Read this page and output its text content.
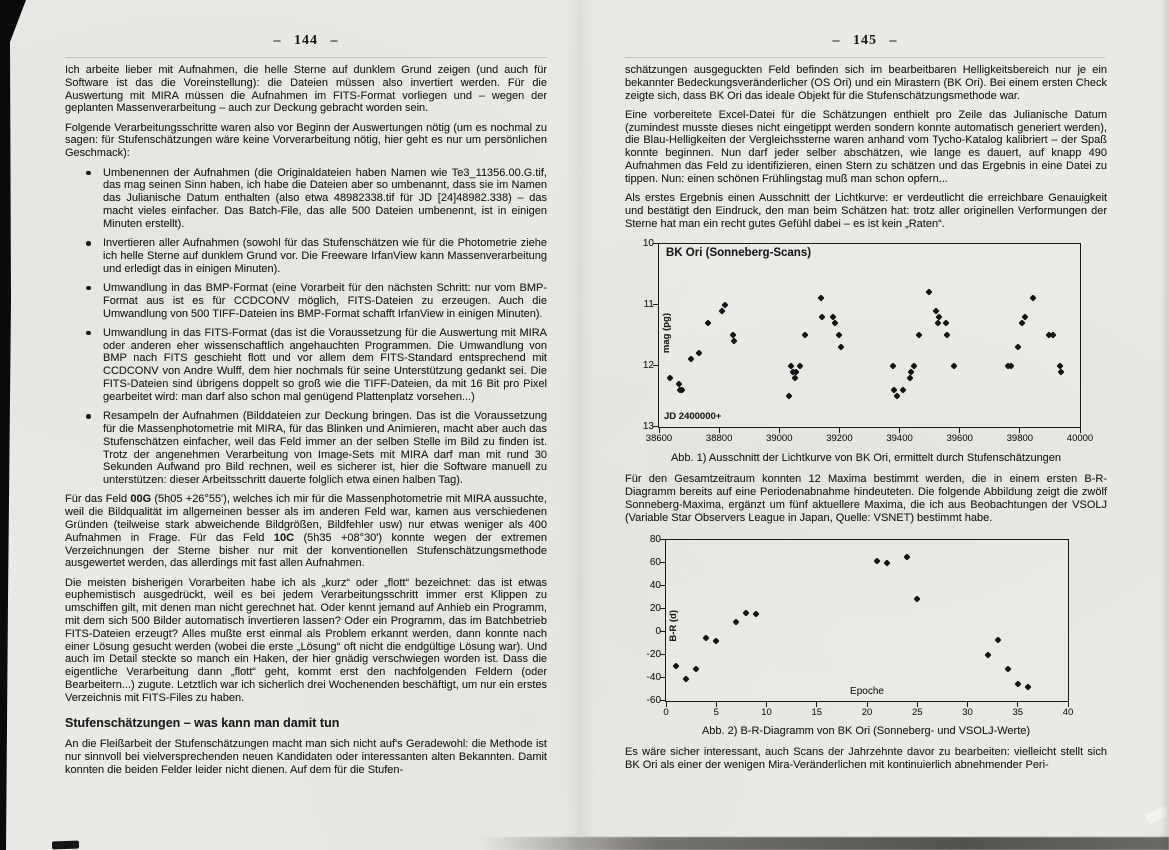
– 144 –	– 145 –
Ich arbeite lieber mit Aufnahmen, die helle Sterne auf dunklem Grund zeigen (und auch für Software ist das die Voreinstellung): die Dateien müssen also invertiert werden. Für die Auswertung mit MIRA müssen die Aufnahmen im FITS-Format vorliegen und – wegen der geplanten Massenverarbeitung – auch zur Deckung gebracht worden sein.
Folgende Verarbeitungsschritte waren also vor Beginn der Auswertungen nötig (um es nochmal zu sagen: für Stufenschätzungen wäre keine Vorverarbeitung nötig, hier geht es nur um persönlichen Geschmack):
Umbenennen der Aufnahmen (die Originaldateien haben Namen wie Te3_11356.00.G.tif, das mag seinen Sinn haben, ich habe die Dateien aber so umbenannt, dass sie im Namen das Julianische Datum enthalten (also etwa 48982338.tif für JD [24]48982.338) – das macht vieles einfacher. Das Batch-File, das alle 500 Dateien umbenennt, ist in einigen Minuten erstellt).
Invertieren aller Aufnahmen (sowohl für das Stufenschätzen wie für die Photometrie ziehe ich helle Sterne auf dunklem Grund vor. Die Freeware IrfanView kann Massenverarbeitung und erledigt das in einigen Minuten).
Umwandlung in das BMP-Format (eine Vorarbeit für den nächsten Schritt: nur vom BMP-Format aus ist es für CCDCONV möglich, FITS-Dateien zu erzeugen. Auch die Umwandlung von 500 TIFF-Dateien ins BMP-Format schafft IrfanView in einigen Minuten).
Umwandlung in das FITS-Format (das ist die Voraussetzung für die Auswertung mit MIRA oder anderen eher wissenschaftlich angehauchten Programmen. Die Umwandlung von BMP nach FITS geschieht flott und vor allem dem FITS-Standard entsprechend mit CCDCONV von Andre Wulff, dem hier nochmals für seine Unterstützung gedankt sei. Die FITS-Dateien sind übrigens doppelt so groß wie die TIFF-Dateien, da mit 16 Bit pro Pixel gearbeitet wird: man darf also schon mal genügend Plattenplatz vorsehen...)
Resampeln der Aufnahmen (Bilddateien zur Deckung bringen. Das ist die Voraussetzung für die Massenphotometrie mit MIRA, für das Blinken und Animieren, macht aber auch das Stufenschätzen einfacher, weil das Feld immer an der selben Stelle im Bild zu finden ist. Trotz der angenehmen Verarbeitung von Image-Sets mit MIRA darf man mit rund 30 Sekunden Aufwand pro Bild rechnen, weil es sicherer ist, hier die Software manuell zu unterstützen: dieser Arbeitsschritt dauerte folglich etwa einen halben Tag).
Für das Feld 00G (5h05 +26°55'), welches ich mir für die Massenphotometrie mit MIRA aussuchte, weil die Bildqualität im allgemeinen besser als im anderen Feld war, kamen aus verschiedenen Gründen (teilweise stark abweichende Bildgrößen, Bildfehler usw) nur etwas weniger als 400 Aufnahmen in Frage. Für das Feld 10C (5h35 +08°30') konnte wegen der extremen Verzeichnungen der Sterne bisher nur mit der konventionellen Stufenschätzungsmethode ausgewertet werden, das allerdings mit fast allen Aufnahmen.
Die meisten bisherigen Vorarbeiten habe ich als „kurz“ oder „flott“ bezeichnet: das ist etwas euphemistisch ausgedrückt, weil es bei jedem Verarbeitungsschritt immer erst Klippen zu umschiffen gilt, mit denen man nicht gerechnet hat. Oder kennt jemand auf Anhieb ein Programm, mit dem sich 500 Bilder automatisch invertieren lassen? Oder ein Programm, das im Batchbetrieb FITS-Dateien erzeugt? Alles mußte erst einmal als Problem erkannt werden, dann konnte nach einer Lösung gesucht werden (wobei die erste „Lösung“ oft nicht die endgültige Lösung war). Und auch im Detail steckte so manch ein Haken, der hier gnädig verschwiegen worden ist. Dass die eigentliche Verarbeitung dann „flott“ geht, kommt erst den nachfolgenden Feldern (oder Bearbeitern...) zugute. Letztlich war ich sicherlich drei Wochenenden beschäftigt, um nur ein erstes Verzeichnis mit FITS-Files zu haben.
Stufenschätzungen – was kann man damit tun
An die Fleißarbeit der Stufenschätzungen macht man sich nicht auf's Geradewohl: die Methode ist nur sinnvoll bei vielversprechenden neuen Kandidaten oder interessanten alten Bekannten. Damit konnten die beiden Felder leider nicht dienen. Auf dem für die Stufen-
schätzungen ausgeguckten Feld befinden sich im bearbeitbaren Helligkeitsbereich nur je ein bekannter Bedeckungsveränderlicher (OS Ori) und ein Mirastern (BK Ori). Bei einem ersten Check zeigte sich, dass BK Ori das ideale Objekt für die Stufenschätzungsmethode war.
Eine vorbereitete Excel-Datei für die Schätzungen enthielt pro Zeile das Julianische Datum (zumindest musste dieses nicht eingetippt werden sondern konnte automatisch generiert werden), die Blau-Helligkeiten der Vergleichssterne waren anhand vom Tycho-Katalog kalibriert – der Spaß konnte beginnen. Nun darf jeder selber abschätzen, wie lange es dauert, auf knapp 490 Aufnahmen das Feld zu identifizieren, einen Stern zu schätzen und das Ergebnis in eine Datei zu tippen. Nun: einen schönen Frühlingstag muß man schon opfern...
Als erstes Ergebnis einen Ausschnitt der Lichtkurve: er verdeutlicht die erreichbare Genauigkeit und bestätigt den Eindruck, den man beim Schätzen hat: trotz aller originellen Verformungen der Sterne hat man ein recht gutes Gefühl dabei – es ist kein „Raten“.
10
11
12
13
38600	38800	39000	39200	39400	39600	39800	40000
BK Ori (Sonneberg-Scans)
JD 2400000+
mag (pg)
Abb. 1) Ausschnitt der Lichtkurve von BK Ori, ermittelt durch Stufenschätzungen
Für den Gesamtzeitraum konnten 12 Maxima bestimmt werden, die in einem ersten B-R-Diagramm bereits auf eine Periodenabnahme hindeuteten. Die folgende Abbildung zeigt die zwölf Sonneberg-Maxima, ergänzt um fünf aktuellere Maxima, die ich aus Beobachtungen der VSOLJ (Variable Star Observers League in Japan, Quelle: VSNET) bestimmt habe.
80
60
40
20
0
-20
-40
-60
0	5	10	15	20	25	30	35	40
B-R (d)
Epoche
Abb. 2) B-R-Diagramm von BK Ori (Sonneberg- und VSOLJ-Werte)
Es wäre sicher interessant, auch Scans der Jahrzehnte davor zu bearbeiten: vielleicht stellt sich BK Ori als einer der wenigen Mira-Veränderlichen mit kontinuierlich abnehmender Peri-
